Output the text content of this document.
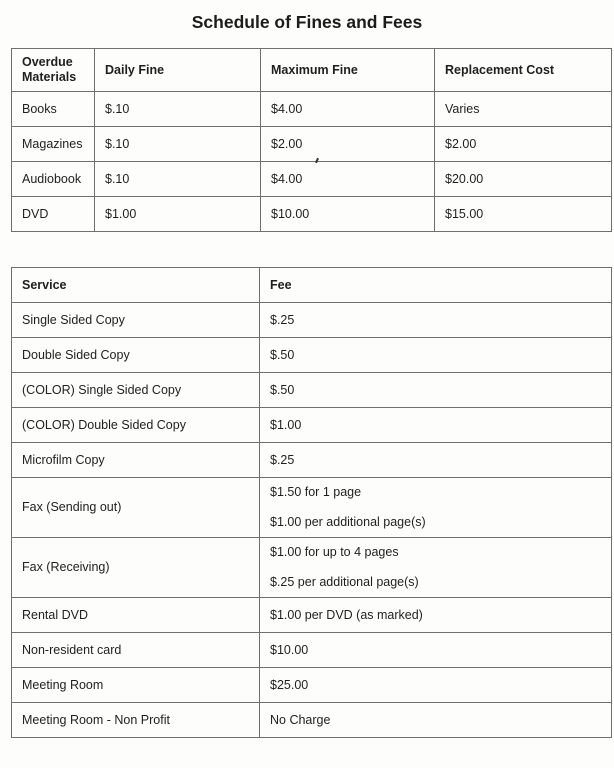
Schedule of Fines and Fees
Overdue Materials	Daily Fine	Maximum Fine	Replacement Cost
Books	$.10	$4.00	Varies
Magazines	$.10	$2.00	$2.00
Audiobook	$.10	$4.00	$20.00
DVD	$1.00	$10.00	$15.00
Service	Fee
Single Sided Copy	$.25
Double Sided Copy	$.50
(COLOR) Single Sided Copy	$.50
(COLOR) Double Sided Copy	$1.00
Microfilm Copy	$.25
Fax (Sending out)	$1.50 for 1 page
$1.00 per additional page(s)

Fax (Receiving)	$1.00 for up to 4 pages
$.25 per additional page(s)

Rental DVD	$1.00 per DVD (as marked)
Non-resident card	$10.00
Meeting Room	$25.00
Meeting Room - Non Profit	No Charge
